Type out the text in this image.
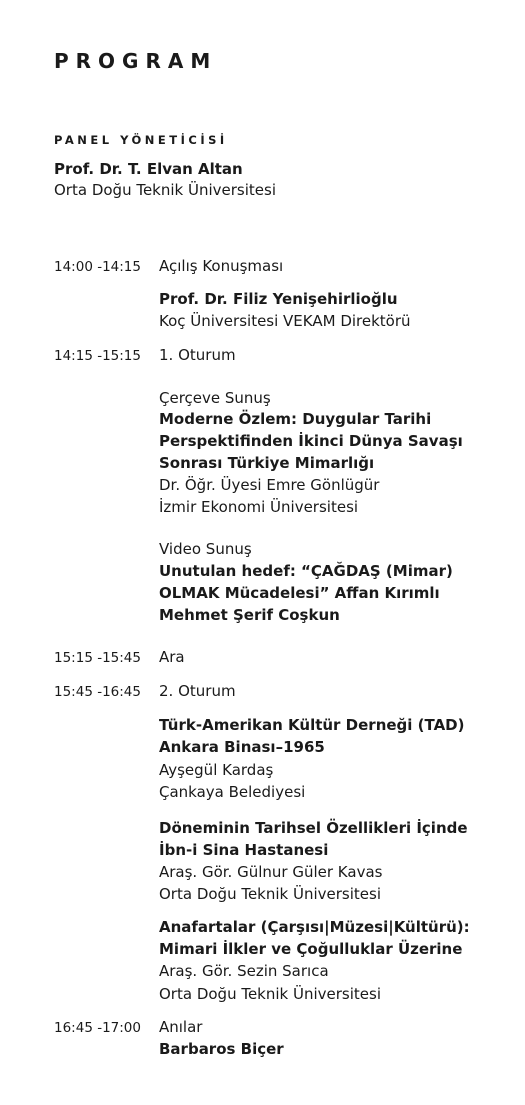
PROGRAM
PANEL YÖNETİCİSİ
Prof. Dr. T. Elvan Altan
Orta Doğu Teknik Üniversitesi
14:00 -14:15 Açılış Konuşması
Prof. Dr. Filiz Yenişehirlioğlu
Koç Üniversitesi VEKAM Direktörü
14:15 -15:15 1. Oturum
Çerçeve Sunuş
Moderne Özlem: Duygular Tarihi
Perspektifinden İkinci Dünya Savaşı
Sonrası Türkiye Mimarlığı
Dr. Öğr. Üyesi Emre Gönlügür
İzmir Ekonomi Üniversitesi
Video Sunuş
Unutulan hedef: “ÇAĞDAŞ (Mimar)
OLMAK Mücadelesi” Affan Kırımlı
Mehmet Şerif Coşkun
15:15 -15:45 Ara
15:45 -16:45 2. Oturum
Türk-Amerikan Kültür Derneği (TAD)
Ankara Binası–1965
Ayşegül Kardaş
Çankaya Belediyesi
Döneminin Tarihsel Özellikleri İçinde
İbn-i Sina Hastanesi
Araş. Gör. Gülnur Güler Kavas
Orta Doğu Teknik Üniversitesi
Anafartalar (Çarşısı|Müzesi|Kültürü):
Mimari İlkler ve Çoğulluklar Üzerine
Araş. Gör. Sezin Sarıca
Orta Doğu Teknik Üniversitesi
16:45 -17:00 Anılar
Barbaros Biçer
